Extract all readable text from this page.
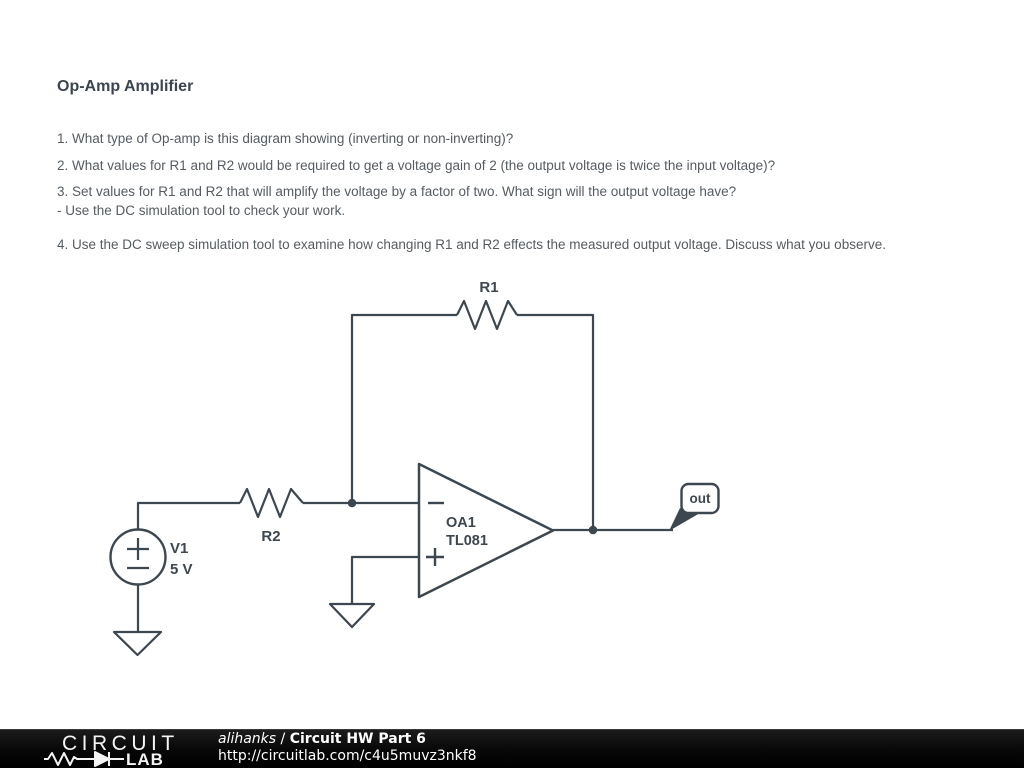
Op-Amp Amplifier
1. What type of Op-amp is this diagram showing (inverting or non-inverting)?
2. What values for R1 and R2 would be required to get a voltage gain of 2 (the output voltage is twice the input voltage)?
3. Set values for R1 and R2 that will amplify the voltage by a factor of two. What sign will the output voltage have?
- Use the DC simulation tool to check your work.
4. Use the DC sweep simulation tool to examine how changing R1 and R2 effects the measured output voltage. Discuss what you observe.
R2
R1
V1
5 V
OA1
TL081
out
CIRCUIT
LAB
alihanks / Circuit HW Part 6
http://circuitlab.com/c4u5muvz3nkf8
